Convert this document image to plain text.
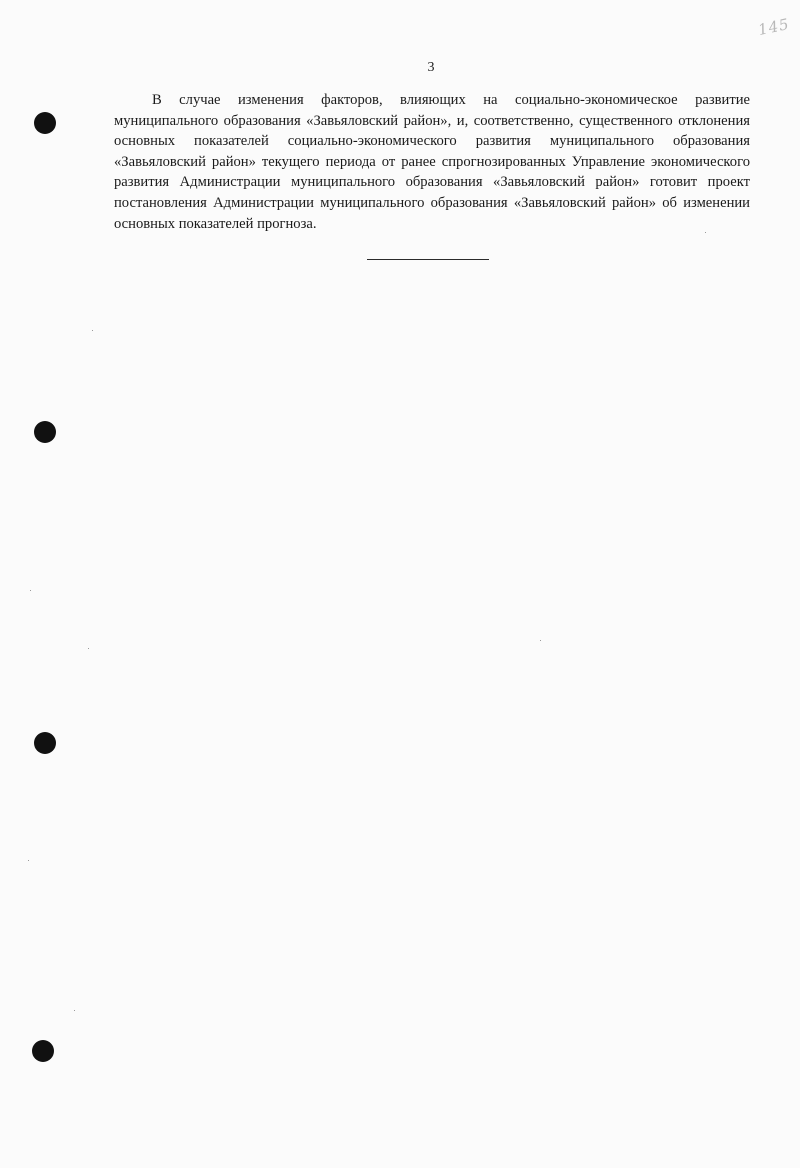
145
3

В случае изменения факторов, влияющих на социально-экономическое развитие муниципального образования «Завьяловский район», и, соответственно, существенного отклонения основных показателей социально-экономического развития муниципального образования «Завьяловский район» текущего периода от ранее спрогнозированных Управление экономического развития Администрации муниципального образования «Завьяловский район» готовит проект постановления Администрации муниципального образования «Завьяловский район» об изменении основных показателей прогноза.
